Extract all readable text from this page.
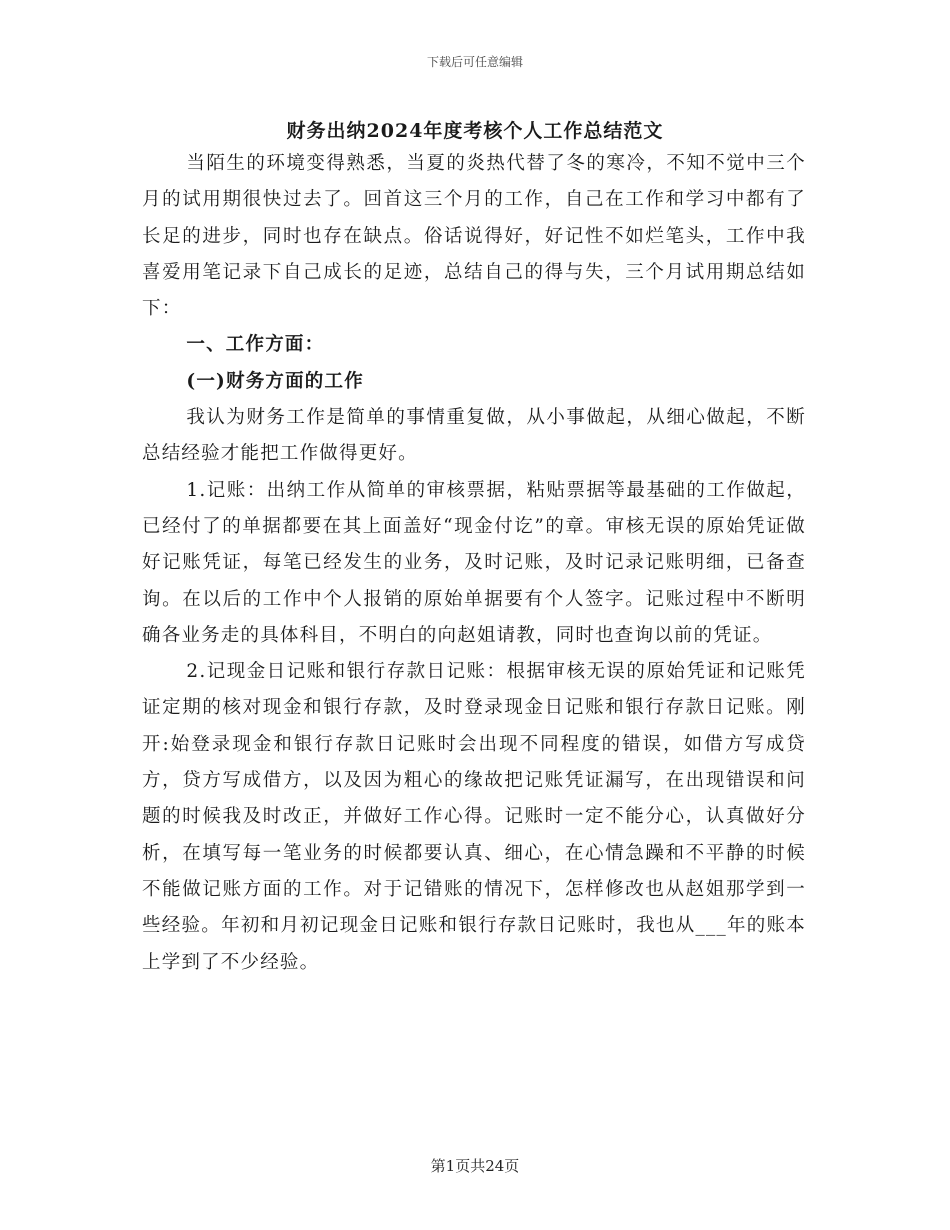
下载后可任意编辑
财务出纳2024年度考核个人工作总结范文

当陌生的环境变得熟悉，当夏的炎热代替了冬的寒冷，不知不觉中三个月的试用期很快过去了。回首这三个月的工作，自己在工作和学习中都有了长足的进步，同时也存在缺点。俗话说得好，好记性不如烂笔头，工作中我喜爱用笔记录下自己成长的足迹，总结自己的得与失，三个月试用期总结如下：

一、工作方面：

(一)财务方面的工作

我认为财务工作是简单的事情重复做，从小事做起，从细心做起，不断总结经验才能把工作做得更好。

1.记账：出纳工作从简单的审核票据，粘贴票据等最基础的工作做起，已经付了的单据都要在其上面盖好“现金付讫”的章。审核无误的原始凭证做好记账凭证，每笔已经发生的业务，及时记账，及时记录记账明细，已备查询。在以后的工作中个人报销的原始单据要有个人签字。记账过程中不断明确各业务走的具体科目，不明白的向赵姐请教，同时也查询以前的凭证。

2.记现金日记账和银行存款日记账：根据审核无误的原始凭证和记账凭证定期的核对现金和银行存款，及时登录现金日记账和银行存款日记账。刚开:始登录现金和银行存款日记账时会出现不同程度的错误，如借方写成贷方，贷方写成借方，以及因为粗心的缘故把记账凭证漏写，在出现错误和问题的时候我及时改正，并做好工作心得。记账时一定不能分心，认真做好分析，在填写每一笔业务的时候都要认真、细心，在心情急躁和不平静的时候不能做记账方面的工作。对于记错账的情况下，怎样修改也从赵姐那学到一些经验。年初和月初记现金日记账和银行存款日记账时，我也从___年的账本上学到了不少经验。

第1页共24页
